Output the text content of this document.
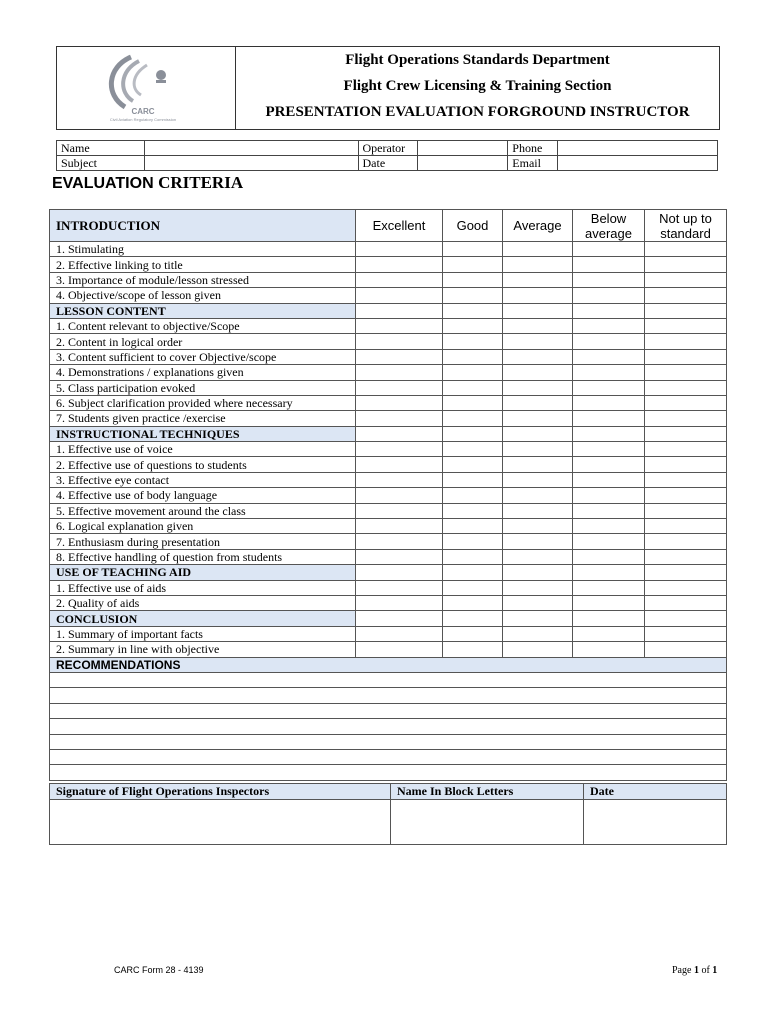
CARC
Civil Aviation Regulatory Commission
Flight Operations Standards Department
Flight Crew Licensing & Training Section
PRESENTATION EVALUATION FORGROUND INSTRUCTOR
Name		Operator		Phone	
Subject		Date		Email	
EVALUATION CRITERIA
INTRODUCTION	Excellent	Good	Average	Below average	Not up to standard
1. Stimulating					
2. Effective linking to title					
3. Importance of module/lesson stressed					
4. Objective/scope of lesson given					
LESSON CONTENT					
1. Content relevant to objective/Scope					
2. Content in logical order					
3. Content sufficient to cover Objective/scope					
4. Demonstrations / explanations given					
5. Class participation evoked					
6. Subject clarification provided where necessary					
7. Students given practice /exercise					
INSTRUCTIONAL TECHNIQUES					
1. Effective use of voice					
2. Effective use of questions to students					
3. Effective eye contact					
4. Effective use of body language					
5. Effective movement around the class					
6. Logical explanation given					
7. Enthusiasm during presentation					
8. Effective handling of question from students					
USE OF TEACHING AID					
1. Effective use of aids					
2. Quality of aids					
CONCLUSION					
1. Summary of important facts					
2. Summary in line with objective					
RECOMMENDATIONS					

Signature of Flight Operations Inspectors	Name In Block Letters	Date

CARC Form 28 - 4139	Page 1 of 1
